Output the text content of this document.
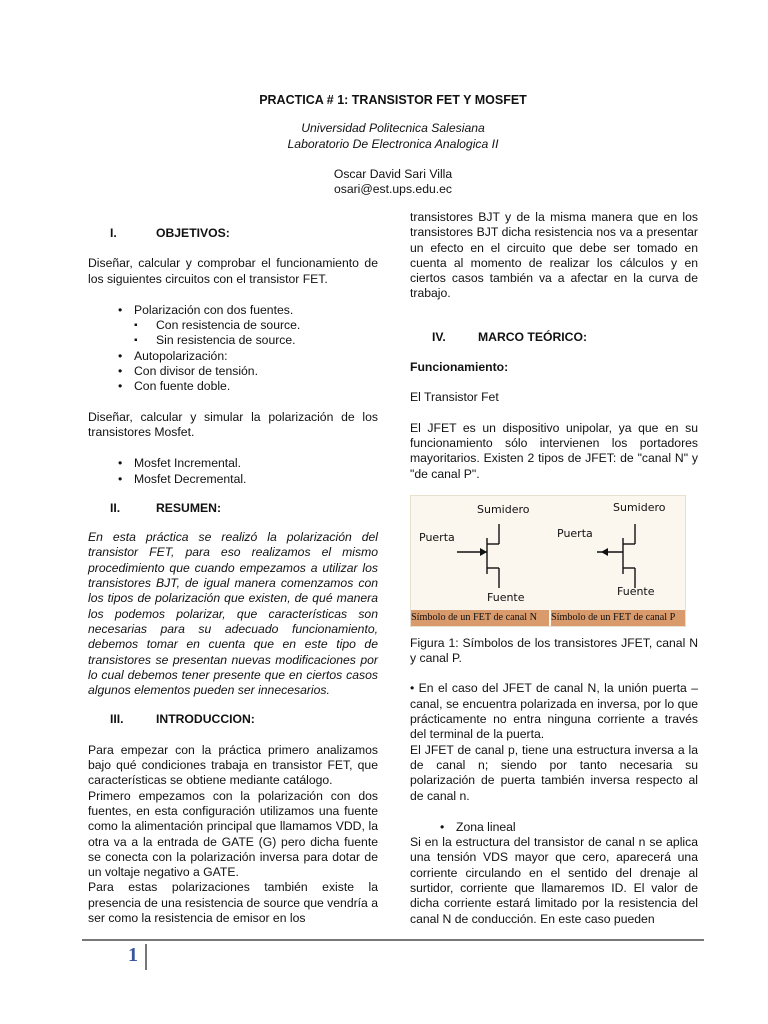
PRACTICA # 1: TRANSISTOR FET Y MOSFET
Universidad Politecnica Salesiana
Laboratorio De Electronica Analogica II
Oscar David Sari Villa
osari@est.ups.edu.ec
I.	OBJETIVOS:

Diseñar, calcular y comprobar el funcionamiento de los siguientes circuitos con el transistor FET.

• Polarización con dos fuentes.
▪ Con resistencia de source.
▪ Sin resistencia de source.
• Autopolarización:
• Con divisor de tensión.
• Con fuente doble.

Diseñar, calcular y simular la polarización de los transistores Mosfet.

• Mosfet Incremental.
• Mosfet Decremental.
II.	RESUMEN:

En esta práctica se realizó la polarización del transistor FET, para eso realizamos el mismo procedimiento que cuando empezamos a utilizar los transistores BJT, de igual manera comenzamos con los tipos de polarización que existen, de qué manera los podemos polarizar, que características son necesarias para su adecuado funcionamiento, debemos tomar en cuenta que en este tipo de transistores se presentan nuevas modificaciones por lo cual debemos tener presente que en ciertos casos algunos elementos pueden ser innecesarios.

III.	INTRODUCCION:

Para empezar con la práctica primero analizamos bajo qué condiciones trabaja en transistor FET, que características se obtiene mediante catálogo.

Primero empezamos con la polarización con dos fuentes, en esta configuración utilizamos una fuente como la alimentación principal que llamamos VDD, la otra va a la entrada de GATE (G) pero dicha fuente se conecta con la polarización inversa para dotar de un voltaje negativo a GATE.

Para estas polarizaciones también existe la presencia de una resistencia de source que vendría a ser como la resistencia de emisor en los

transistores BJT y de la misma manera que en los transistores BJT dicha resistencia nos va a presentar un efecto en el circuito que debe ser tomado en cuenta al momento de realizar los cálculos y en ciertos casos también va a afectar en la curva de trabajo.

IV.	MARCO TEÓRICO:

Funcionamiento:

El Transistor Fet

El JFET es un dispositivo unipolar, ya que en su funcionamiento sólo intervienen los portadores mayoritarios. Existen 2 tipos de JFET: de "canal N" y "de canal P".

Sumidero
Puerta
Fuente
Sumidero
Puerta
Fuente
Símbolo de un FET de canal N	Símbolo de un FET de canal P

Figura 1: Símbolos de los transistores JFET, canal N y canal P.

• En el caso del JFET de canal N, la unión puerta – canal, se encuentra polarizada en inversa, por lo que prácticamente no entra ninguna corriente a través del terminal de la puerta.

El JFET de canal p, tiene una estructura inversa a la de canal n; siendo por tanto necesaria su polarización de puerta también inversa respecto al de canal n.

• Zona lineal

Si en la estructura del transistor de canal n se aplica una tensión VDS mayor que cero, aparecerá una corriente circulando en el sentido del drenaje al surtidor, corriente que llamaremos ID. El valor de dicha corriente estará limitado por la resistencia del canal N de conducción. En este caso pueden

1
